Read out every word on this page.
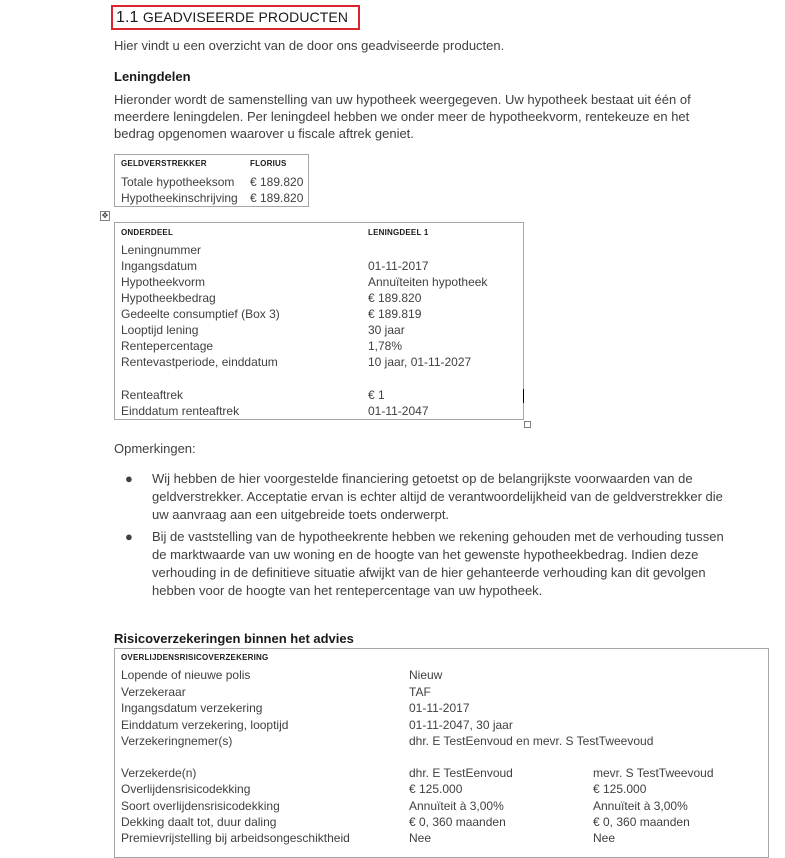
1.1 GEADVISEERDE PRODUCTEN
Hier vindt u een overzicht van de door ons geadviseerde producten.
Leningdelen
Hieronder wordt de samenstelling van uw hypotheek weergegeven. Uw hypotheek bestaat uit één of
meerdere leningdelen. Per leningdeel hebben we onder meer de hypotheekvorm, rentekeuze en het
bedrag opgenomen waarover u fiscale aftrek geniet.
GELDVERSTREKKER	FLORIUS
Totale hypotheeksom € 189.820
Hypotheekinschrijving € 189.820
✥
ONDERDEEL	LENINGDEEL 1
Leningnummer
Ingangsdatum	01-11-2017
Hypotheekvorm	Annuïteiten hypotheek
Hypotheekbedrag	€ 189.820
Gedeelte consumptief (Box 3)	€ 189.819
Looptijd lening	30 jaar
Rentepercentage	1,78%
Rentevastperiode, einddatum	10 jaar, 01-11-2027
Renteaftrek	€ 1
Einddatum renteaftrek	01-11-2047
Opmerkingen:
● Wij hebben de hier voorgestelde financiering getoetst op de belangrijkste voorwaarden van de geldverstrekker. Acceptatie ervan is echter altijd de verantwoordelijkheid van de geldverstrekker die uw aanvraag aan een uitgebreide toets onderwerpt.
● Bij de vaststelling van de hypotheekrente hebben we rekening gehouden met de verhouding tussen de marktwaarde van uw woning en de hoogte van het gewenste hypotheekbedrag. Indien deze verhouding in de definitieve situatie afwijkt van de hier gehanteerde verhouding kan dit gevolgen hebben voor de hoogte van het rentepercentage van uw hypotheek.
Risicoverzekeringen binnen het advies
OVERLIJDENSRISICOVERZEKERING
Lopende of nieuwe polis	Nieuw
Verzekeraar	TAF
Ingangsdatum verzekering	01-11-2017
Einddatum verzekering, looptijd	01-11-2047, 30 jaar
Verzekeringnemer(s)	dhr. E TestEenvoud en mevr. S TestTweevoud
Verzekerde(n)	dhr. E TestEenvoud	mevr. S TestTweevoud
Overlijdensrisicodekking	€ 125.000	€ 125.000
Soort overlijdensrisicodekking	Annuïteit à 3,00%	Annuïteit à 3,00%
Dekking daalt tot, duur daling	€ 0, 360 maanden	€ 0, 360 maanden
Premievrijstelling bij arbeidsongeschiktheid	Nee	Nee
